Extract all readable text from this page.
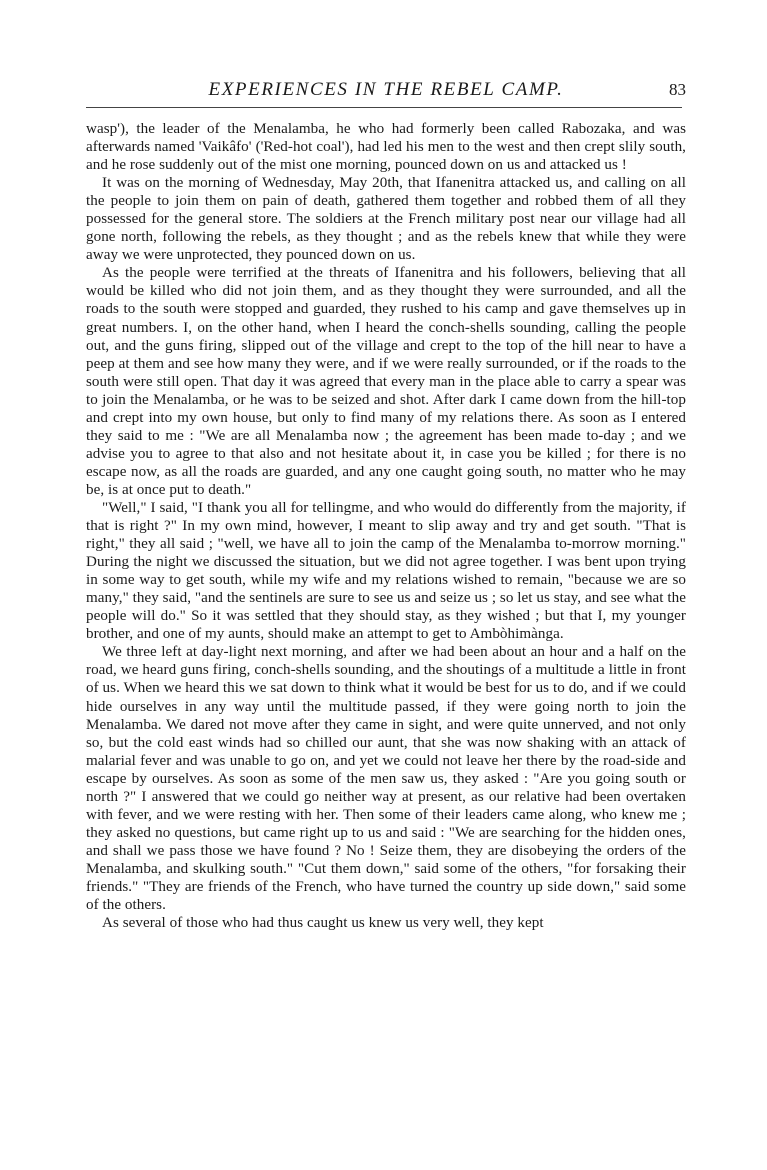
EXPERIENCES IN THE REBEL CAMP.	83

wasp'), the leader of the Menalamba, he who had formerly been called Rabozaka, and was afterwards named 'Vaikâfo' ('Red-hot coal'), had led his men to the west and then crept slily south, and he rose suddenly out of the mist one morning, pounced down on us and attacked us !

It was on the morning of Wednesday, May 20th, that Ifanenitra attacked us, and calling on all the people to join them on pain of death, gathered them together and robbed them of all they possessed for the general store. The soldiers at the French military post near our village had all gone north, following the rebels, as they thought ; and as the rebels knew that while they were away we were unprotected, they pounced down on us.

As the people were terrified at the threats of Ifanenitra and his followers, believing that all would be killed who did not join them, and as they thought they were surrounded, and all the roads to the south were stopped and guarded, they rushed to his camp and gave themselves up in great numbers. I, on the other hand, when I heard the conch-shells sounding, calling the people out, and the guns firing, slipped out of the village and crept to the top of the hill near to have a peep at them and see how many they were, and if we were really surrounded, or if the roads to the south were still open. That day it was agreed that every man in the place able to carry a spear was to join the Menalamba, or he was to be seized and shot. After dark I came down from the hill-top and crept into my own house, but only to find many of my relations there. As soon as I entered they said to me : "We are all Menalamba now ; the agreement has been made to-day ; and we advise you to agree to that also and not hesitate about it, in case you be killed ; for there is no escape now, as all the roads are guarded, and any one caught going south, no matter who he may be, is at once put to death."

"Well," I said, "I thank you all for tellingme, and who would do differently from the majority, if that is right ?" In my own mind, however, I meant to slip away and try and get south. "That is right," they all said ; "well, we have all to join the camp of the Menalamba to-morrow morning." During the night we discussed the situation, but we did not agree together. I was bent upon trying in some way to get south, while my wife and my relations wished to remain, "because we are so many," they said, "and the sentinels are sure to see us and seize us ; so let us stay, and see what the people will do." So it was settled that they should stay, as they wished ; but that I, my younger brother, and one of my aunts, should make an attempt to get to Ambòhimànga.

We three left at day-light next morning, and after we had been about an hour and a half on the road, we heard guns firing, conch-shells sounding, and the shoutings of a multitude a little in front of us. When we heard this we sat down to think what it would be best for us to do, and if we could hide ourselves in any way until the multitude passed, if they were going north to join the Menalamba. We dared not move after they came in sight, and were quite unnerved, and not only so, but the cold east winds had so chilled our aunt, that she was now shaking with an attack of malarial fever and was unable to go on, and yet we could not leave her there by the road-side and escape by ourselves. As soon as some of the men saw us, they asked : "Are you going south or north ?" I answered that we could go neither way at present, as our relative had been overtaken with fever, and we were resting with her. Then some of their leaders came along, who knew me ; they asked no questions, but came right up to us and said : "We are searching for the hidden ones, and shall we pass those we have found ? No ! Seize them, they are disobeying the orders of the Menalamba, and skulking south." "Cut them down," said some of the others, "for forsaking their friends." "They are friends of the French, who have turned the country up side down," said some of the others.

As several of those who had thus caught us knew us very well, they kept
